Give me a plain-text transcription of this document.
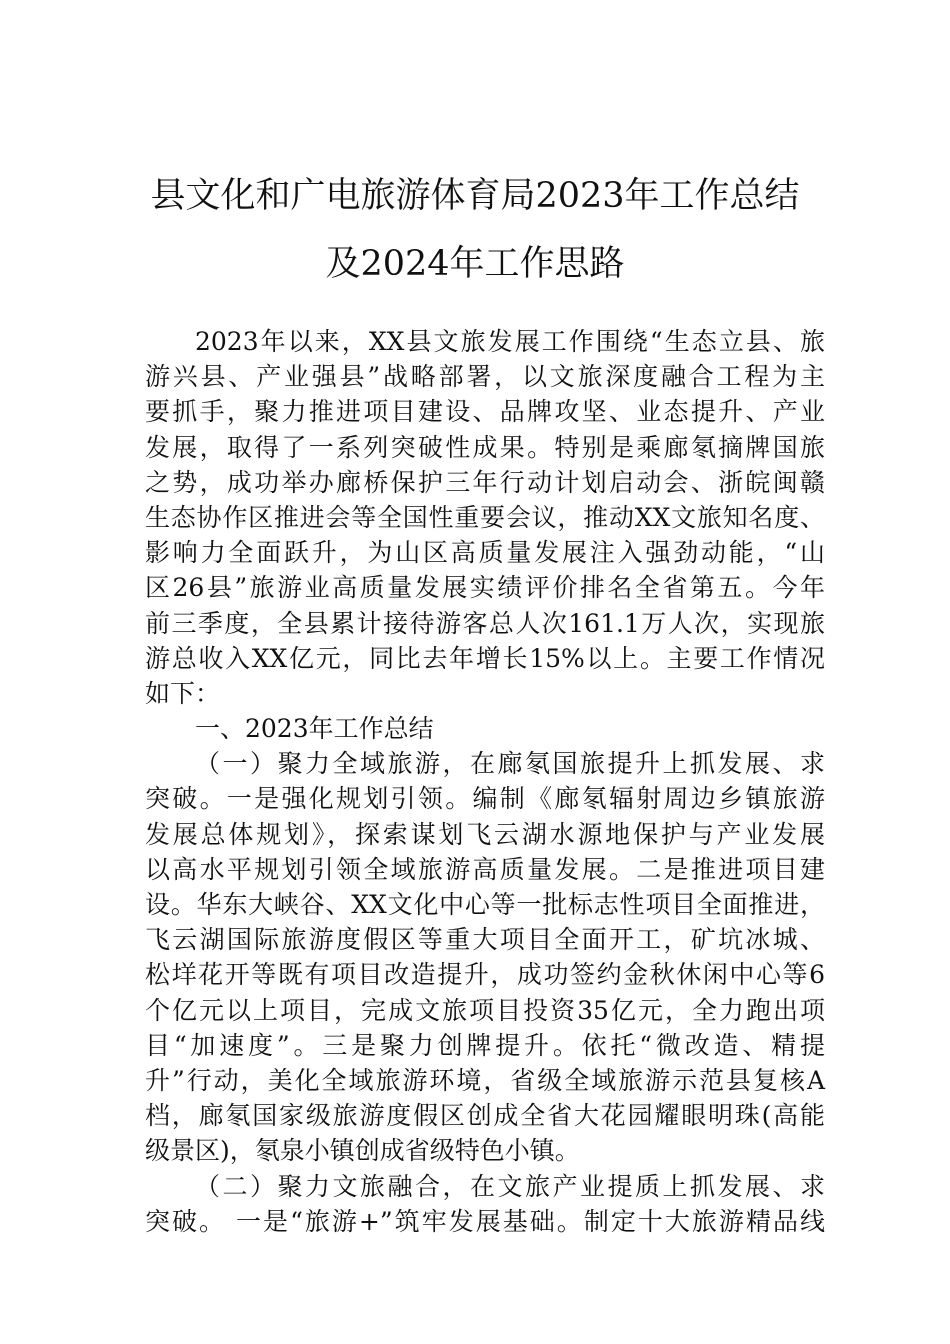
县文化和广电旅游体育局2023年工作总结
及2024年工作思路
2023年以来，XX县文旅发展工作围绕“生态立县、旅
游兴县、产业强县”战略部署，以文旅深度融合工程为主
要抓手，聚力推进项目建设、品牌攻坚、业态提升、产业
发展，取得了一系列突破性成果。特别是乘廊氡摘牌国旅
之势，成功举办廊桥保护三年行动计划启动会、浙皖闽赣
生态协作区推进会等全国性重要会议，推动XX文旅知名度、
影响力全面跃升，为山区高质量发展注入强劲动能，“山
区26县”旅游业高质量发展实绩评价排名全省第五。今年
前三季度，全县累计接待游客总人次161.1万人次，实现旅
游总收入XX亿元，同比去年增长15%以上。主要工作情况
如下：
一、2023年工作总结
（一）聚力全域旅游，在廊氡国旅提升上抓发展、求
突破。一是强化规划引领。编制《廊氡辐射周边乡镇旅游
发展总体规划》，探索谋划飞云湖水源地保护与产业发展
以高水平规划引领全域旅游高质量发展。二是推进项目建
设。华东大峡谷、XX文化中心等一批标志性项目全面推进，
飞云湖国际旅游度假区等重大项目全面开工，矿坑冰城、
松垟花开等既有项目改造提升，成功签约金秋休闲中心等6
个亿元以上项目，完成文旅项目投资35亿元，全力跑出项
目“加速度”。三是聚力创牌提升。依托“微改造、精提
升”行动，美化全域旅游环境，省级全域旅游示范县复核A
档，廊氡国家级旅游度假区创成全省大花园耀眼明珠(高能
级景区)，氡泉小镇创成省级特色小镇。
（二）聚力文旅融合，在文旅产业提质上抓发展、求
突破。 一是“旅游+”筑牢发展基础。制定十大旅游精品线
